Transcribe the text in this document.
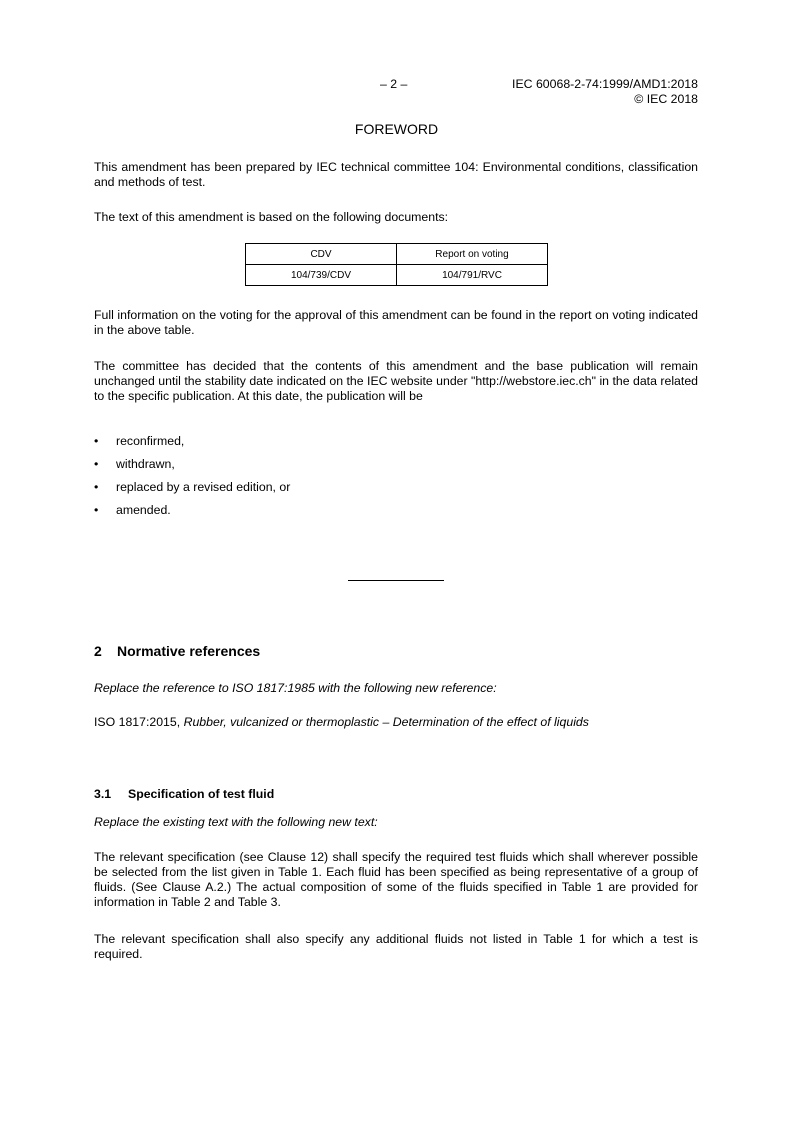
– 2 –	IEC 60068-2-74:1999/AMD1:2018
© IEC 2018
FOREWORD
This amendment has been prepared by IEC technical committee 104: Environmental conditions, classification and methods of test.
The text of this amendment is based on the following documents:
CDV	Report on voting
104/739/CDV	104/791/RVC
Full information on the voting for the approval of this amendment can be found in the report on voting indicated in the above table.
The committee has decided that the contents of this amendment and the base publication will remain unchanged until the stability date indicated on the IEC website under "http://webstore.iec.ch" in the data related to the specific publication. At this date, the publication will be
• reconfirmed,
• withdrawn,
• replaced by a revised edition, or
• amended.
2 Normative references
Replace the reference to ISO 1817:1985 with the following new reference:
ISO 1817:2015, Rubber, vulcanized or thermoplastic – Determination of the effect of liquids
3.1 Specification of test fluid
Replace the existing text with the following new text:
The relevant specification (see Clause 12) shall specify the required test fluids which shall wherever possible be selected from the list given in Table 1. Each fluid has been specified as being representative of a group of fluids. (See Clause A.2.) The actual composition of some of the fluids specified in Table 1 are provided for information in Table 2 and Table 3.
The relevant specification shall also specify any additional fluids not listed in Table 1 for which a test is required.
